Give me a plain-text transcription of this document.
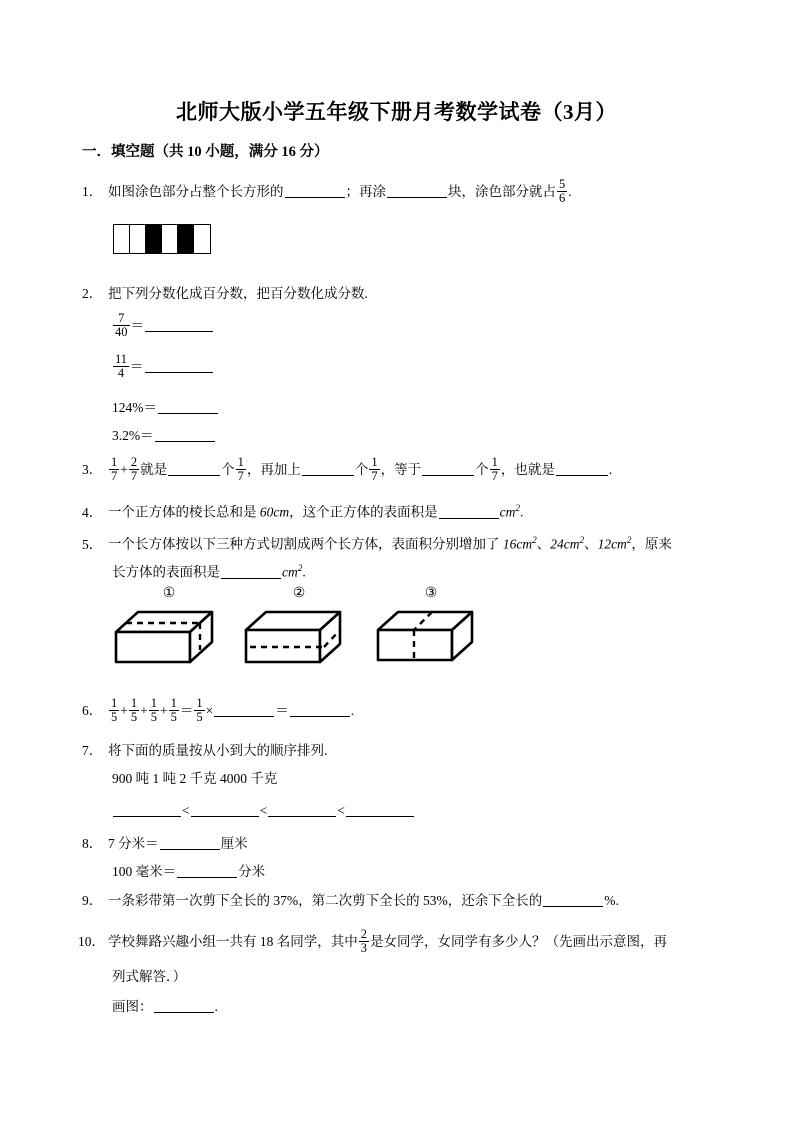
北师大版小学五年级下册月考数学试卷（3月）
一．填空题（共 10 小题，满分 16 分）
1． 如图涂色部分占整个长方形的	；再涂	块，涂色部分就占 $\frac{5}{6}$ .
2． 把下列分数化成百分数，把百分数化成分数.
$\frac{7}{40}$ ＝
$\frac{11}{4}$ ＝
124%＝
3.2%＝
3． $\frac{1}{7} + \frac{2}{7}$ 就是	个 $\frac{1}{7}$ ，再加上	个 $\frac{1}{7}$ ，等于	个 $\frac{1}{7}$ ，也就是	.
4． 一个正方体的棱长总和是 60cm，这个正方体的表面积是	$cm^2$.
5． 一个长方体按以下三种方式切割成两个长方体，表面积分别增加了 $16cm^2$、$24cm^2$、$12cm^2$，原来
长方体的表面积是	$cm^2$.
①	②	③
6． $\frac{1}{5} + \frac{1}{5} + \frac{1}{5} + \frac{1}{5} = \frac{1}{5}$ ×	＝	.
7． 将下面的质量按从小到大的顺序排列.
900 吨 1 吨 2 千克 4000 千克
<	<	<
8． 7 分米＝	厘米
100 毫米＝	分米
9． 一条彩带第一次剪下全长的 37%，第二次剪下全长的 53%，还余下全长的	%.
10． 学校舞路兴趣小组一共有 18 名同学，其中 $\frac{2}{3}$ 是女同学，女同学有多少人？（先画出示意图，再
列式解答．）
画图：	.
